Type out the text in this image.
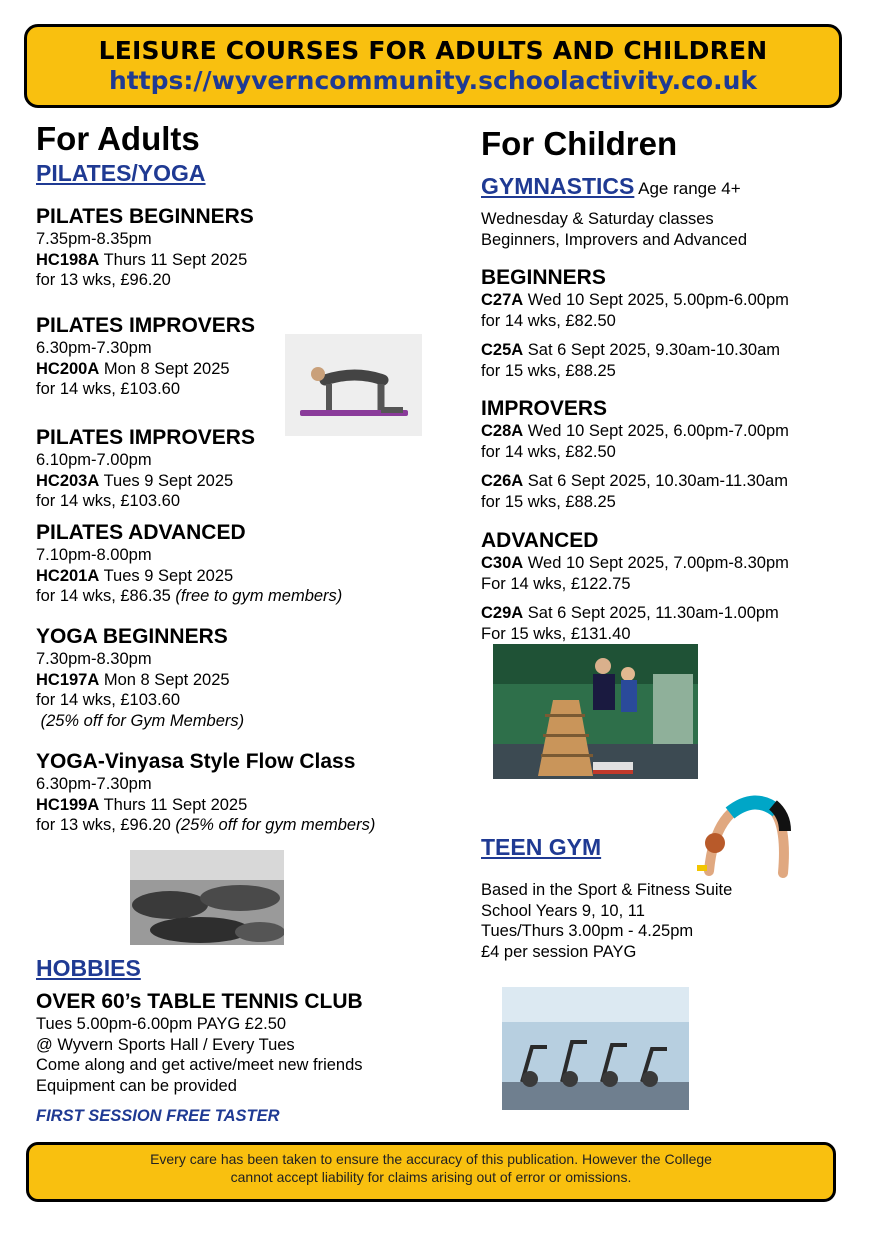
LEISURE COURSES FOR ADULTS AND CHILDREN
https://wyverncommunity.schoolactivity.co.uk
For Adults
PILATES/YOGA
PILATES BEGINNERS
7.35pm-8.35pm
HC198A Thurs 11 Sept 2025
for 13 wks, £96.20
PILATES IMPROVERS
6.30pm-7.30pm
HC200A Mon 8 Sept 2025
for 14 wks, £103.60
PILATES IMPROVERS
6.10pm-7.00pm
HC203A Tues 9 Sept 2025
for 14 wks, £103.60
PILATES ADVANCED
7.10pm-8.00pm
HC201A Tues 9 Sept 2025
for 14 wks, £86.35 (free to gym members)
YOGA BEGINNERS
7.30pm-8.30pm
HC197A Mon 8 Sept 2025
for 14 wks, £103.60
(25% off for Gym Members)
YOGA-Vinyasa Style Flow Class
6.30pm-7.30pm
HC199A Thurs 11 Sept 2025
for 13 wks, £96.20 (25% off for gym members)
HOBBIES
OVER 60’s TABLE TENNIS CLUB
Tues 5.00pm-6.00pm PAYG £2.50
@ Wyvern Sports Hall / Every Tues
Come along and get active/meet new friends
Equipment can be provided
FIRST SESSION FREE TASTER
For Children
GYMNASTICS Age range 4+
Wednesday & Saturday classes
Beginners, Improvers and Advanced
BEGINNERS
C27A Wed 10 Sept 2025, 5.00pm-6.00pm
for 14 wks, £82.50
C25A Sat 6 Sept 2025, 9.30am-10.30am
for 15 wks, £88.25
IMPROVERS
C28A Wed 10 Sept 2025, 6.00pm-7.00pm
for 14 wks, £82.50
C26A Sat 6 Sept 2025, 10.30am-11.30am
for 15 wks, £88.25
ADVANCED
C30A Wed 10 Sept 2025, 7.00pm-8.30pm
For 14 wks, £122.75
C29A Sat 6 Sept 2025, 11.30am-1.00pm
For 15 wks, £131.40
TEEN GYM
Based in the Sport & Fitness Suite
School Years 9, 10, 11
Tues/Thurs 3.00pm - 4.25pm
£4 per session PAYG
Every care has been taken to ensure the accuracy of this publication. However the College
cannot accept liability for claims arising out of error or omissions.
